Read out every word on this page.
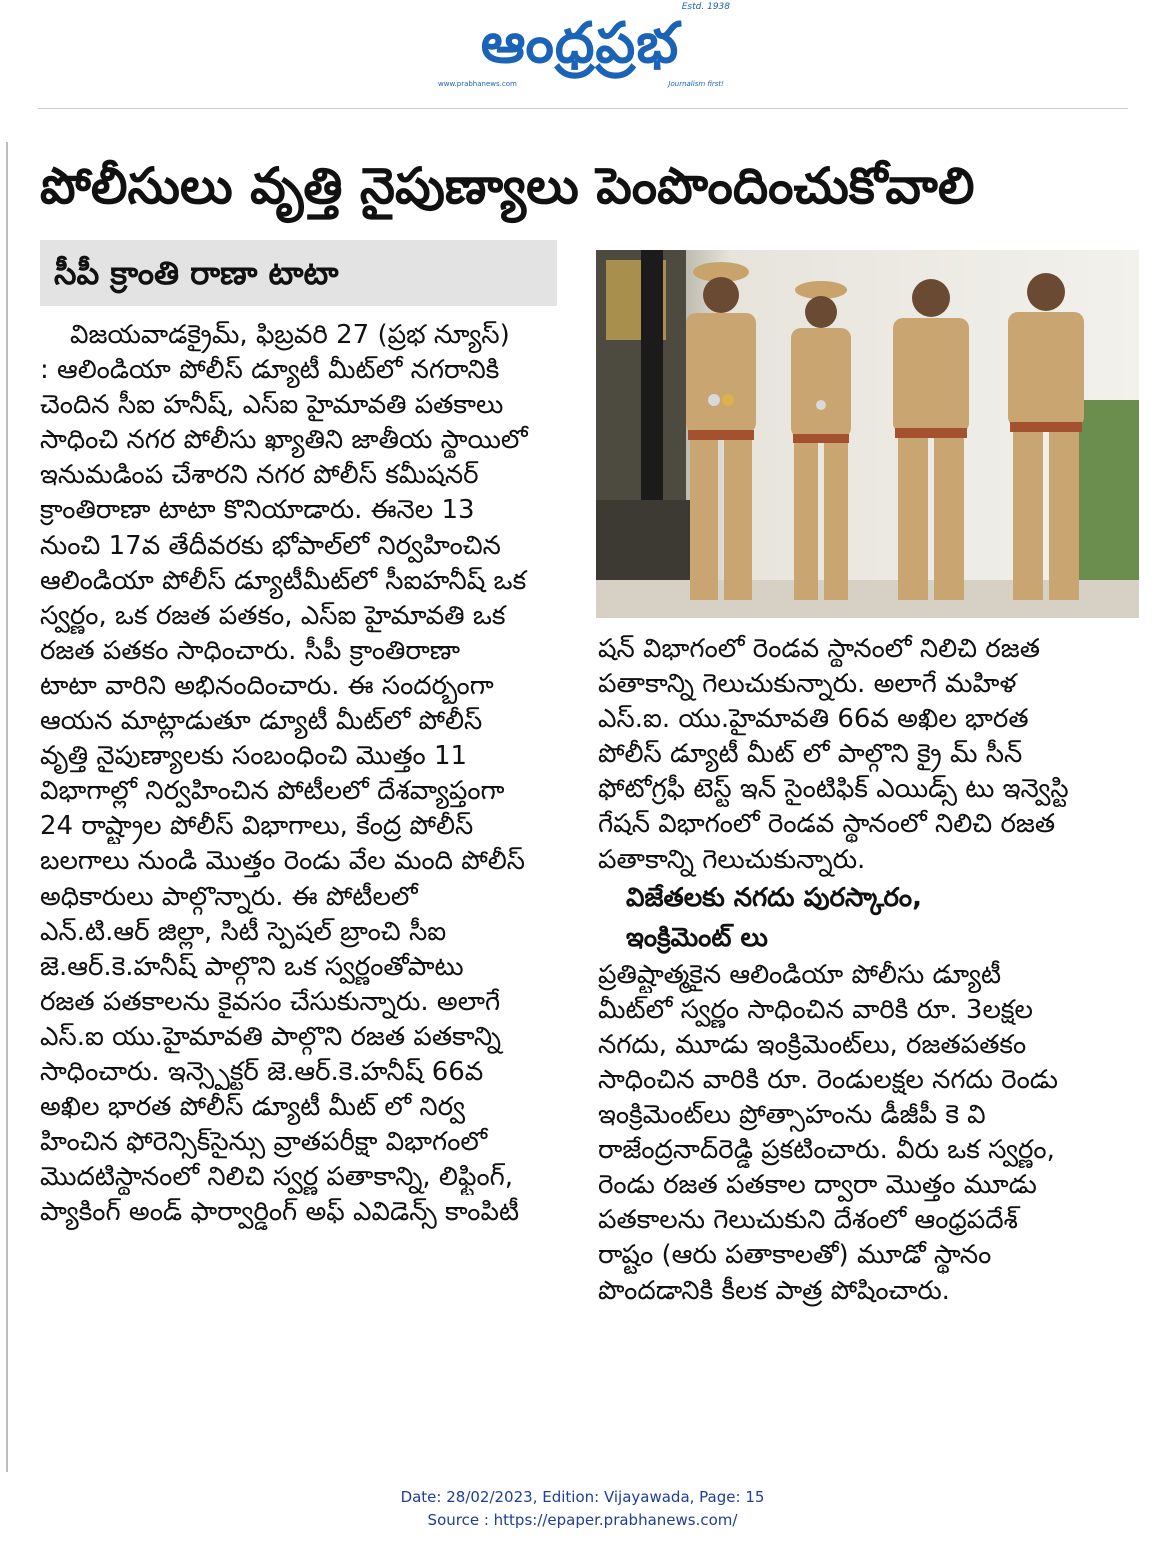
ఆంధ్రప్రభ
Estd. 1938
www.prabhanews.com	Journalism first!
పోలీసులు వృత్తి నైపుణ్యాలు పెంపొందించుకోవాలి
సీపీ క్రాంతి రాణా టాటా
విజయవాడక్రైమ్, ఫిబ్రవరి 27 (ప్రభ న్యూస్)
: ఆలిండియా పోలీస్ డ్యూటీ మీట్‌లో నగరానికి
చెందిన సీఐ హనీష్, ఎస్ఐ హైమావతి పతకాలు
సాధించి నగర పోలీసు ఖ్యాతిని జాతీయ స్థాయిలో
ఇనుమడింప చేశారని నగర పోలీస్ కమీషనర్
క్రాంతిరాణా టాటా కొనియాడారు. ఈనెల 13
నుంచి 17వ తేదీవరకు భోపాల్‌లో నిర్వహించిన
ఆలిండియా పోలీస్ డ్యూటీమీట్‌లో సీఐహనీష్ ఒక
స్వర్ణం, ఒక రజత పతకం, ఎస్ఐ హైమావతి ఒక
రజత పతకం సాధించారు. సీపీ క్రాంతిరాణా
టాటా వారిని అభినందించారు. ఈ సందర్భంగా
ఆయన మాట్లాడుతూ డ్యూటీ మీట్‌లో పోలీస్
వృత్తి నైపుణ్యాలకు సంబంధించి మొత్తం 11
విభాగాల్లో నిర్వహించిన పోటీలలో దేశవ్యాప్తంగా
24 రాష్ట్రాల పోలీస్ విభాగాలు, కేంద్ర పోలీస్
బలగాలు నుండి మొత్తం రెండు వేల మంది పోలీస్
అధికారులు పాల్గొన్నారు. ఈ పోటీలలో
ఎన్.టి.ఆర్ జిల్లా, సిటీ స్పెషల్ బ్రాంచి సీఐ
జె.ఆర్.కె.హనీష్ పాల్గొని ఒక స్వర్ణంతోపాటు
రజత పతకాలను కైవసం చేసుకున్నారు. అలాగే
ఎస్.ఐ యు.హైమావతి పాల్గొని రజత పతకాన్ని
సాధించారు. ఇన్స్పెక్టర్ జె.ఆర్.కె.హనీష్ 66వ
అఖిల భారత పోలీస్ డ్యూటీ మీట్ లో నిర్వ
హించిన ఫోరెన్సిక్‌సైన్సు వ్రాతపరీక్షా విభాగంలో
మొదటిస్థానంలో నిలిచి స్వర్ణ పతాకాన్ని, లిఫ్టింగ్,
ప్యాకింగ్ అండ్ ఫార్వార్డింగ్ అఫ్ ఎవిడెన్స్ కాంపిటీ
షన్ విభాగంలో రెండవ స్థానంలో నిలిచి రజత
పతాకాన్ని గెలుచుకున్నారు. అలాగే మహిళ
ఎస్.ఐ. యు.హైమావతి 66వ అఖిల భారత
పోలీస్ డ్యూటీ మీట్ లో పాల్గొని క్రై మ్ సీన్
ఫోటోగ్రఫీ టెస్ట్ ఇన్ సైంటిఫిక్ ఎయిడ్స్ టు ఇన్వెస్టి
గేషన్ విభాగంలో రెండవ స్థానంలో నిలిచి రజత
పతాకాన్ని గెలుచుకున్నారు.
విజేతలకు నగదు పురస్కారం,
ఇంక్రిమెంట్ లు
ప్రతిష్టాత్మకైన ఆలిండియా పోలీసు డ్యూటీ
మీట్‌లో స్వర్ణం సాధించిన వారికి రూ. 3లక్షల
నగదు, మూడు ఇంక్రిమెంట్‌లు, రజతపతకం
సాధించిన వారికి రూ. రెండులక్షల నగదు రెండు
ఇంక్రిమెంట్‌లు ప్రోత్సాహంను డీజీపీ కె వి
రాజేంద్రనాద్‌రెడ్డి ప్రకటించారు. వీరు ఒక స్వర్ణం,
రెండు రజత పతకాల ద్వారా మొత్తం మూడు
పతకాలను గెలుచుకుని దేశంలో ఆంధ్రపదేశ్
రాష్టం (ఆరు పతాకాలతో) మూడో స్థానం
పొందడానికి కీలక పాత్ర పోషించారు.
Date: 28/02/2023, Edition: Vijayawada, Page: 15
Source : https://epaper.prabhanews.com/
